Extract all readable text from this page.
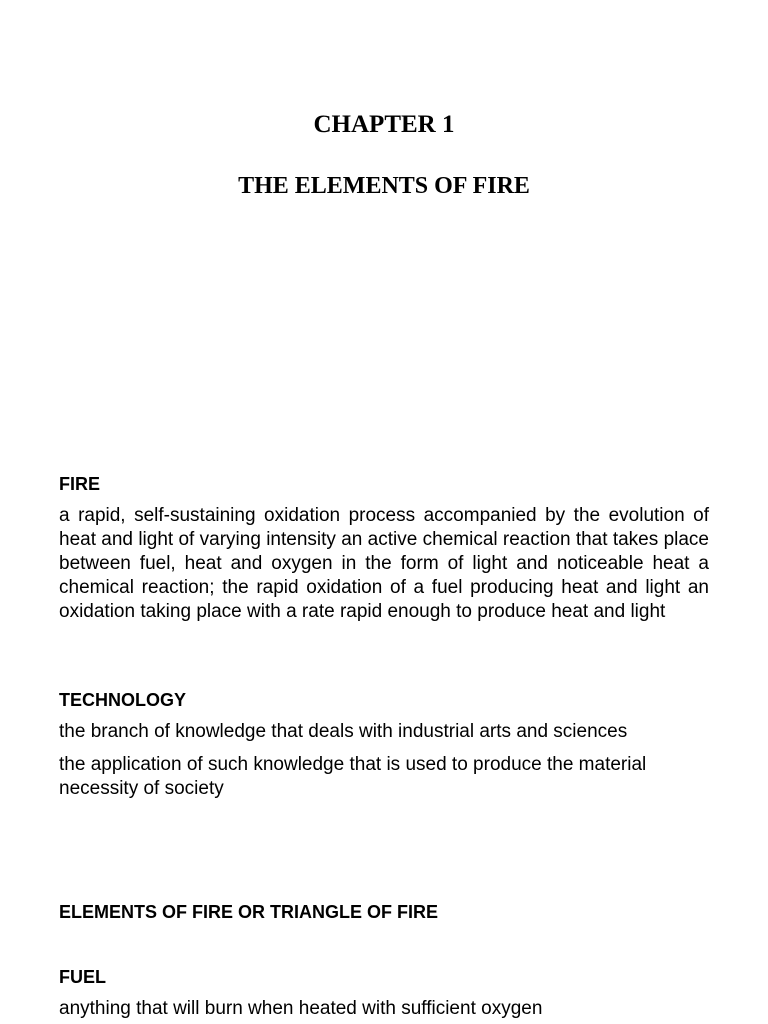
CHAPTER 1
THE ELEMENTS OF FIRE
FIRE
a rapid, self-sustaining oxidation process accompanied by the evolution of heat and light of varying intensity an active chemical reaction that takes place between fuel, heat and oxygen in the form of light and noticeable heat a chemical reaction; the rapid oxidation of a fuel producing heat and light an oxidation taking place with a rate rapid enough to produce heat and light
TECHNOLOGY
the branch of knowledge that deals with industrial arts and sciences
the application of such knowledge that is used to produce the material necessity of society
ELEMENTS OF FIRE OR TRIANGLE OF FIRE
FUEL
anything that will burn when heated with sufficient oxygen
